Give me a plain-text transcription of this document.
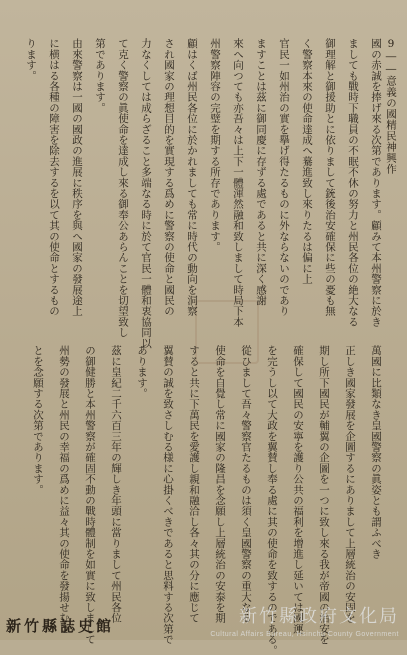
9――意義の國精民神興作
國の赤誠を捧げ來る次第であります。顧みて本州警察に於き
ましても戰時下職員の不眠不休の努力と州民各位の絶大なる
御理解と御援助とに依りまして銃後治安確保に些の憂も無
く警察本來の使命達成へ驀進致し來りたるは偏に上
官民一如州治の實を擧げ得たるものに外ならないのであり
ますことは茲に御同慶に存ずる處であると共に深く感謝
來へ向つても亦吾々は上下一體渾然融和致しまして時局下本
州警察陣容の完璧を期する所存であります。
顧はくば州民各位に於かれましても常に時代の動向を洞察
され國家の理想目的を實現する爲めに警察の使命と國民の
力なくしては成らざること多端なる時に於て官民一體和衷協同以
て克く警察の眞使命を達成し來る御奉公あらんことを切望致し
第であります。
由來警察は一國の國政の進展に秩序を與へ國家の發展途上
に横はる各種の障害を除去するを以て其の使命とするもの
ります。
萬國に比類なき皇國警察の眞姿とも謂ふべき
正しき國家發展を企圖するにありまして上層統治の安固を
期し所下國民が輔翼の企圖を一つに致し來る我が帝國の治安を
確保して國民の安寧を護り公共の福利を增進し延いては國運
を完うし以て大政を翼賛し奉る處に其の使命を致するのである。
從ひまして吾々警察官たるものは須く皇國警察の重大なる
使命を自覺し常に國家の隆昌を念願し上層統治の安泰を期
すると共に下萬民を愛護し親和融洽し各々其の分に應じて
翼賛の誠を致さしむる様に心掛くべきであると思料する次第で
あります。
茲に皇紀二千六百三年の輝しき年頭に當りまして州民各位
の御健勝と本州警察が確固不動の戰時體制を如實に致しまして
州勢の發展と州民の幸福の爲めに益々其の使命を發揚せむこ
とを念願する次第であります。
新竹縣誌史館	新竹縣政府文化局
Cultural Affairs Bureau, Hsinchu County Government
